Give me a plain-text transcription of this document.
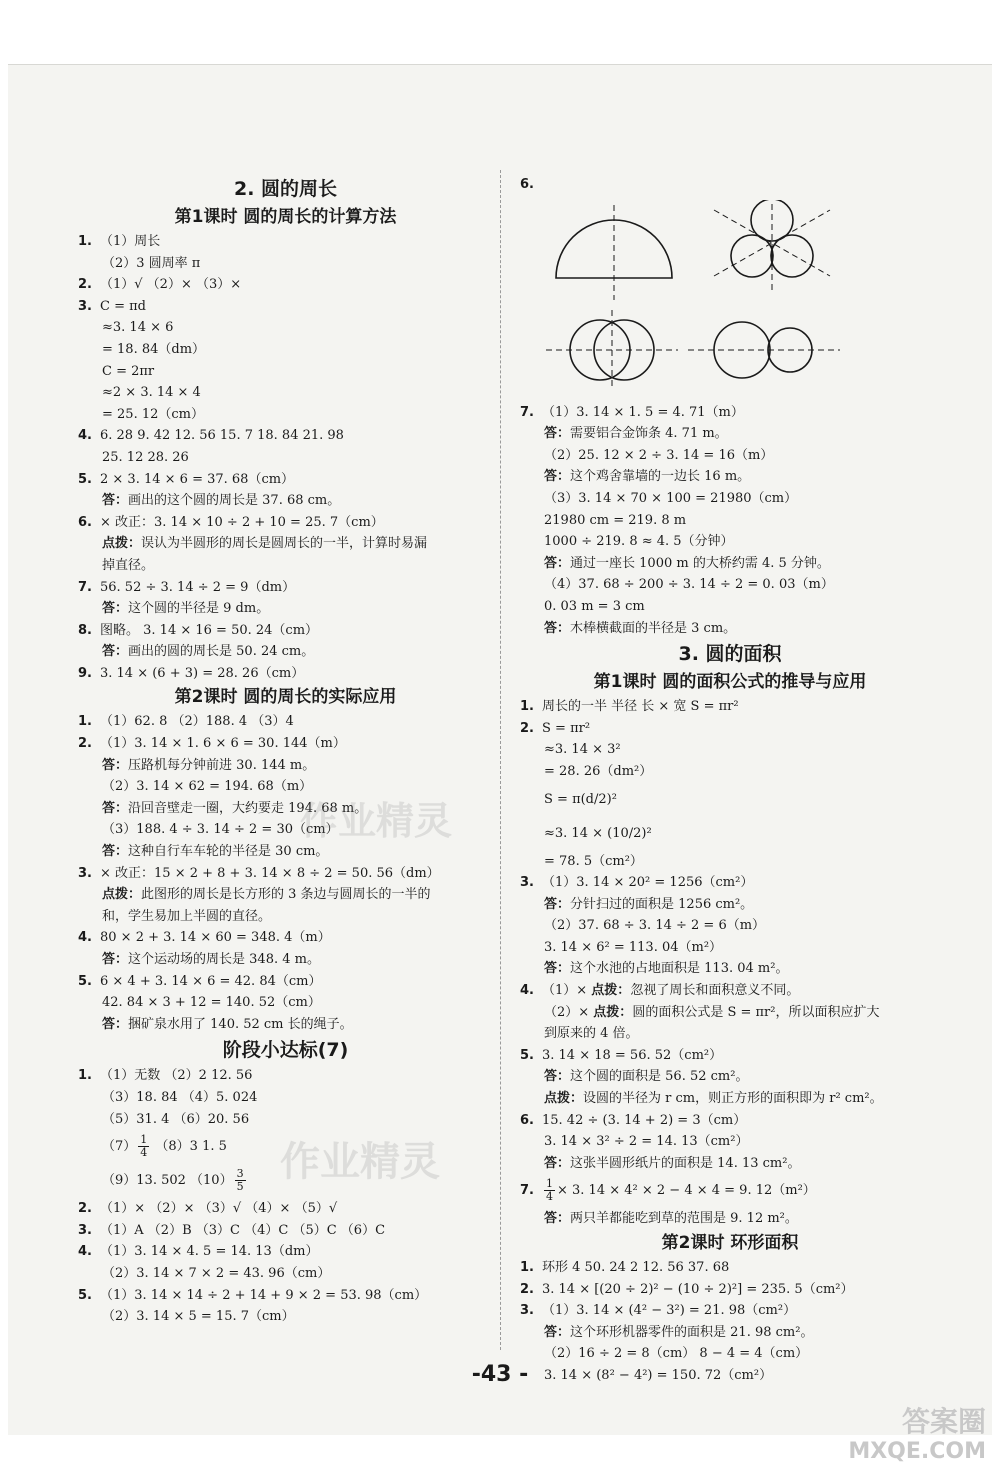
2. 圆的周长
第1课时 圆的周长的计算方法
1. （1）周长
（2）3 圆周率 π
2. （1）√ （2）× （3）×
3. C = πd
≈3. 14 × 6
= 18. 84（dm）
C = 2πr
≈2 × 3. 14 × 4
= 25. 12（cm）
4. 6. 28 9. 42 12. 56 15. 7 18. 84 21. 98
25. 12 28. 26
5. 2 × 3. 14 × 6 = 37. 68（cm）
答：画出的这个圆的周长是 37. 68 cm。
6. × 改正：3. 14 × 10 ÷ 2 + 10 = 25. 7（cm）
点拨：误认为半圆形的周长是圆周长的一半，计算时易漏
掉直径。
7. 56. 52 ÷ 3. 14 ÷ 2 = 9（dm）
答：这个圆的半径是 9 dm。
8. 图略。 3. 14 × 16 = 50. 24（cm）
答：画出的圆的周长是 50. 24 cm。
9. 3. 14 × (6 + 3) = 28. 26（cm）
第2课时 圆的周长的实际应用
1. （1）62. 8 （2）188. 4 （3）4
2. （1）3. 14 × 1. 6 × 6 = 30. 144（m）
答：压路机每分钟前进 30. 144 m。
（2）3. 14 × 62 = 194. 68（m）
答：沿回音壁走一圈，大约要走 194. 68 m。
（3）188. 4 ÷ 3. 14 ÷ 2 = 30（cm）
答：这种自行车车轮的半径是 30 cm。
3. × 改正：15 × 2 + 8 + 3. 14 × 8 ÷ 2 = 50. 56（dm）
点拨：此图形的周长是长方形的 3 条边与圆周长的一半的
和，学生易加上半圆的直径。
4. 80 × 2 + 3. 14 × 60 = 348. 4（m）
答：这个运动场的周长是 348. 4 m。
5. 6 × 4 + 3. 14 × 6 = 42. 84（cm）
42. 84 × 3 + 12 = 140. 52（cm）
答：捆矿泉水用了 140. 52 cm 长的绳子。
阶段小达标(7)
1. （1）无数 （2）2 12. 56
（3）18. 84 （4）5. 024
（5）31. 4 （6）20. 56
$(7) \frac{1}{4} (8)3$ 1. 5
（9）13. 502 $(10) \frac{3}{5}$
2. （1）× （2）× （3）√ （4）× （5）√
3. （1）A （2）B （3）C （4）C （5）C （6）C
4. （1）3. 14 × 4. 5 = 14. 13（dm）
（2）3. 14 × 7 × 2 = 43. 96（cm）
5. （1）3. 14 × 14 ÷ 2 + 14 + 9 × 2 = 53. 98（cm）
（2）3. 14 × 5 = 15. 7（cm）
6.
7. （1）3. 14 × 1. 5 = 4. 71（m）
答：需要铝合金饰条 4. 71 m。
（2）25. 12 × 2 ÷ 3. 14 = 16（m）
答：这个鸡舍靠墙的一边长 16 m。
（3）3. 14 × 70 × 100 = 21980（cm）
21980 cm = 219. 8 m
1000 ÷ 219. 8 ≈ 4. 5（分钟）
答：通过一座长 1000 m 的大桥约需 4. 5 分钟。
（4）37. 68 ÷ 200 ÷ 3. 14 ÷ 2 = 0. 03（m）
0. 03 m = 3 cm
答：木棒横截面的半径是 3 cm。
3. 圆的面积
第1课时 圆的面积公式的推导与应用
1. 周长的一半 半径 长 × 宽 S = πr²
2. S = πr²
≈3. 14 × 3²
= 28. 26（dm²）
S = π(d/2)²
≈3. 14 × (10/2)²
= 78. 5（cm²）
3. （1）3. 14 × 20² = 1256（cm²）
答：分针扫过的面积是 1256 cm²。
（2）37. 68 ÷ 3. 14 ÷ 2 = 6（m）
3. 14 × 6² = 113. 04（m²）
答：这个水池的占地面积是 113. 04 m²。
4. （1）× 点拨：忽视了周长和面积意义不同。
（2）× 点拨：圆的面积公式是 S = πr²，所以面积应扩大
到原来的 4 倍。
5. 3. 14 × 18 = 56. 52（cm²）
答：这个圆的面积是 56. 52 cm²。
点拨：设圆的半径为 r cm，则正方形的面积即为 r² cm²。
6. 15. 42 ÷ (3. 14 + 2) = 3（cm）
3. 14 × 3² ÷ 2 = 14. 13（cm²）
答：这张半圆形纸片的面积是 14. 13 cm²。
7. $\frac{1}{4} \times 3$. 14 × 4² × 2 − 4 × 4 = 9. 12（m²）
答：两只羊都能吃到草的范围是 9. 12 m²。
第2课时 环形面积
1. 环形 4 50. 24 2 12. 56 37. 68
2. 3. 14 × [(20 ÷ 2)² − (10 ÷ 2)²] = 235. 5（cm²）
3. （1）3. 14 × (4² − 3²) = 21. 98（cm²）
答：这个环形机器零件的面积是 21. 98 cm²。
（2）16 ÷ 2 = 8（cm） 8 − 4 = 4（cm）
3. 14 × (8² − 4²) = 150. 72（cm²）
作业精灵
作业精灵
答案圈
MXQE.COM
-43 -
